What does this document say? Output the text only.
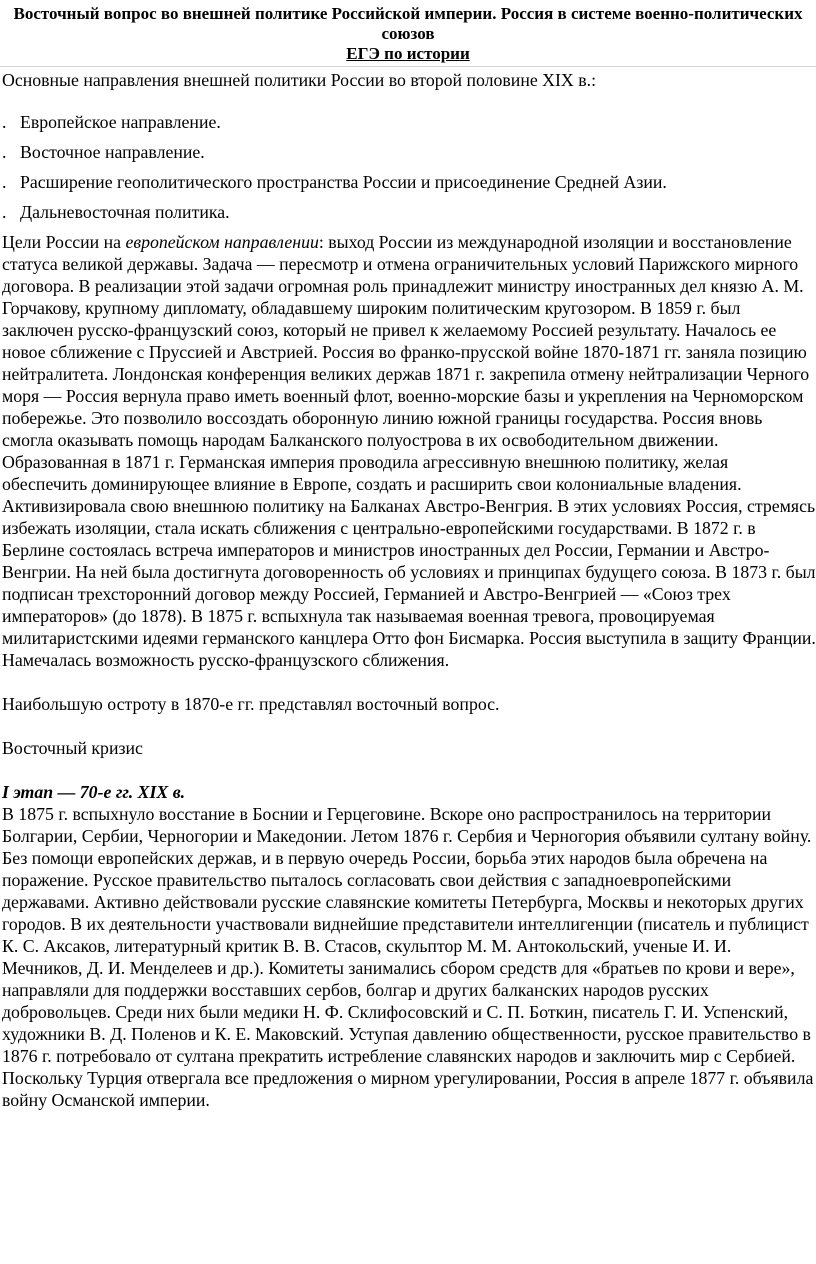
Восточный вопрос во внешней политике Российской империи. Россия в системе военно-политических союзов
ЕГЭ по истории

Основные направления внешней политики России во второй половине XIX в.:

. Европейское направление.
. Восточное направление.
. Расширение геополитического пространства России и присоединение Средней Азии.
. Дальневосточная политика.

Цели России на европейском направлении: выход России из международной изоляции и восстановление статуса великой державы. Задача — пересмотр и отмена ограничительных условий Парижского мирного договора. В реализации этой задачи огромная роль принадлежит министру иностранных дел князю А. М. Горчакову, крупному дипломату, обладавшему широким политическим кругозором. В 1859 г. был заключен русско-французский союз, который не привел к желаемому Россией результату. Началось ее новое сближение с Пруссией и Австрией. Россия во франко-прусской войне 1870-1871 гг. заняла позицию нейтралитета. Лондонская конференция великих держав 1871 г. закрепила отмену нейтрализации Черного моря — Россия вернула право иметь военный флот, военно-морские базы и укрепления на Черноморском побережье. Это позволило воссоздать оборонную линию южной границы государства. Россия вновь смогла оказывать помощь народам Балканского полуострова в их освободительном движении.

Образованная в 1871 г. Германская империя проводила агрессивную внешнюю политику, желая обеспечить доминирующее влияние в Европе, создать и расширить свои колониальные владения. Активизировала свою внешнюю политику на Балканах Австро-Венгрия. В этих условиях Россия, стремясь избежать изоляции, стала искать сближения с центрально-европейскими государствами. В 1872 г. в Берлине состоялась встреча императоров и министров иностранных дел России, Германии и Австро-Венгрии. На ней была достигнута договоренность об условиях и принципах будущего союза. В 1873 г. был подписан трехсторонний договор между Россией, Германией и Австро-Венгрией — «Союз трех императоров» (до 1878). В 1875 г. вспыхнула так называемая военная тревога, провоцируемая милитаристскими идеями германского канцлера Отто фон Бисмарка. Россия выступила в защиту Франции. Намечалась возможность русско-французского сближения.

Наибольшую остроту в 1870-е гг. представлял восточный вопрос.

Восточный кризис

I этап — 70-е гг. XIX в.

В 1875 г. вспыхнуло восстание в Боснии и Герцеговине. Вскоре оно распространилось на территории Болгарии, Сербии, Черногории и Македонии. Летом 1876 г. Сербия и Черногория объявили султану войну. Без помощи европейских держав, и в первую очередь России, борьба этих народов была обречена на поражение. Русское правительство пыталось согласовать свои действия с западноевропейскими державами. Активно действовали русские славянские комитеты Петербурга, Москвы и некоторых других городов. В их деятельности участвовали виднейшие представители интеллигенции (писатель и публицист К. С. Аксаков, литературный критик В. В. Стасов, скульптор М. М. Антокольский, ученые И. И. Мечников, Д. И. Менделеев и др.). Комитеты занимались сбором средств для «братьев по крови и вере», направляли для поддержки восставших сербов, болгар и других балканских народов русских добровольцев. Среди них были медики Н. Ф. Склифосовский и С. П. Боткин, писатель Г. И. Успенский, художники В. Д. Поленов и К. Е. Маковский. Уступая давлению общественности, русское правительство в 1876 г. потребовало от султана прекратить истребление славянских народов и заключить мир с Сербией. Поскольку Турция отвергала все предложения о мирном урегулировании, Россия в апреле 1877 г. объявила войну Османской империи.
